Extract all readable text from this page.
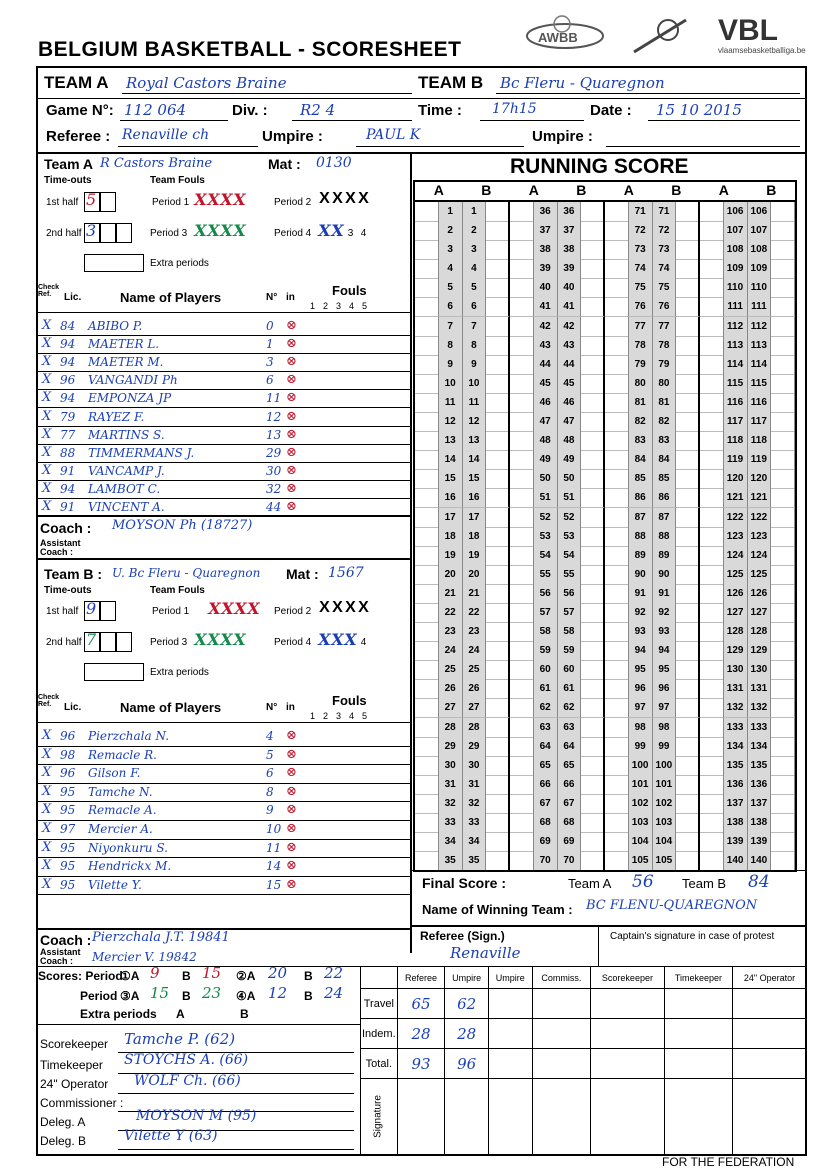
BELGIUM BASKETBALL - SCORESHEET
AWBB	VBL
vlaamsebasketballiga.be
TEAM A Royal Castors Braine	TEAM B Bc Fleru - Quaregnon
Game N°: 112 064	Div. : R2 4	Time : 17h15	Date : 15 10 2015
Referee : Renaville ch	Umpire :	PAUL K	Umpire :
Team A R Castors Braine	Mat : 0130
Time-outs	Team Fouls
1st half 5	Period 1 XXXX	Period 2 X X X X
2nd half 3	Period 3 XXXX	Period 4 XX 3 4
Extra periods
Check Ref.	Lic.	Name of Players	N° in	Fouls
12345
X 84 ABIBO P.	0 ⊗
X 94 MAETER L.	1 ⊗
X 94 MAETER M.	3 ⊗
X 96 VANGANDI Ph	6 ⊗
X 94 EMPONZA JP	11 ⊗
X 79 RAYEZ F.	12 ⊗
X 77 MARTINS S.	13 ⊗
X 88 TIMMERMANS J.	29 ⊗
X 91 VANCAMP J.	30 ⊗
X 94 LAMBOT C.	32 ⊗
X 91 VINCENT A.	44 ⊗
Coach : MOYSON Ph (18727)
Assistant Coach :
Team B : U. Bc Fleru - Quaregnon Mat : 1567
Time-outs	Team Fouls
1st half 9	Period 1 XXXX Period 2 X X X X
2nd half 7	Period 3 XXXX	Period 4 XXX 4
Extra periods
Check Ref.	Lic.	Name of Players	N° in	Fouls
12345
X 96 Pierzchala N.	4 ⊗
X 98 Remacle R.	5 ⊗
X 96 Gilson F.	6 ⊗
X 95 Tamche N.	8 ⊗
X 95 Remacle A.	9 ⊗
X 97 Mercier A.	10 ⊗
X 95 Niyonkuru S.	11 ⊗
X 95 Hendrickx M.	14 ⊗
X 95 Vilette Y.	15 ⊗
Coach : Pierzchala J.T. 19841
Assistant Coach :	Mercier V. 19842
RUNNING SCORE
A	B	A	B	A	B	A	B
1	1	36	36	71	71	106 106
2	2	37	37	72	72	107 107
3	3	38	38	73	73	108 108
4	4	39	39	74	74	109 109
5	5	40	40	75	75	110 110
6	6	41	41	76	76	111 111
7	7	42	42	77	77	112 112
8	8	43	43	78	78	113 113
9	9	44	44	79	79	114 114
10	10	45	45	80	80	115 115
11	11	46	46	81	81	116 116
12	12	47	47	82	82	117 117
13	13	48	48	83	83	118 118
14	14	49	49	84	84	119 119
15	15	50	50	85	85	120 120
16	16	51	51	86	86	121 121
17	17	52	52	87	87	122 122
18	18	53	53	88	88	123 123
19	19	54	54	89	89	124 124
20	20	55	55	90	90	125 125
21	21	56	56	91	91	126 126
22	22	57	57	92	92	127 127
23	23	58	58	93	93	128 128
24	24	59	59	94	94	129 129
25	25	60	60	95	95	130 130
26	26	61	61	96	96	131 131
27	27	62	62	97	97	132 132
28	28	63	63	98	98	133 133
29	29	64	64	99	99	134 134
30	30	65	65	100 100	135 135
31	31	66	66	101 101	136 136
32	32	67	67	102 102	137 137
33	33	68	68	103 103	138 138
34	34	69	69	104 104	139 139
35	35	70	70	105 105	140 140
Final Score :	Team A 56 Team B 84
Name of Winning Team : BC FLENU-QUAREGNON
Referee (Sign.)
Renaville
Captain's signature in case of protest
	Referee	Umpire	Umpire	Commiss.	Scorekeeper	Timekeeper	24" Operator
Travel	65	62					
Indem.	28	28					
Total.	93	96					

Signature							

FOR THE FEDERATION
Scores: Period
①A 9 B 15 ②A 20 B 22
Period ③A 15 B 23 ④A 12 B 24
Extra periods A	B
Scorekeeper Tamche P. (62)
Timekeeper STOYCHS A. (66)
24" Operator WOLF Ch. (66)
Commissioner :
Deleg. A	MOYSON M (95)
Deleg. B	Vilette Y (63)
